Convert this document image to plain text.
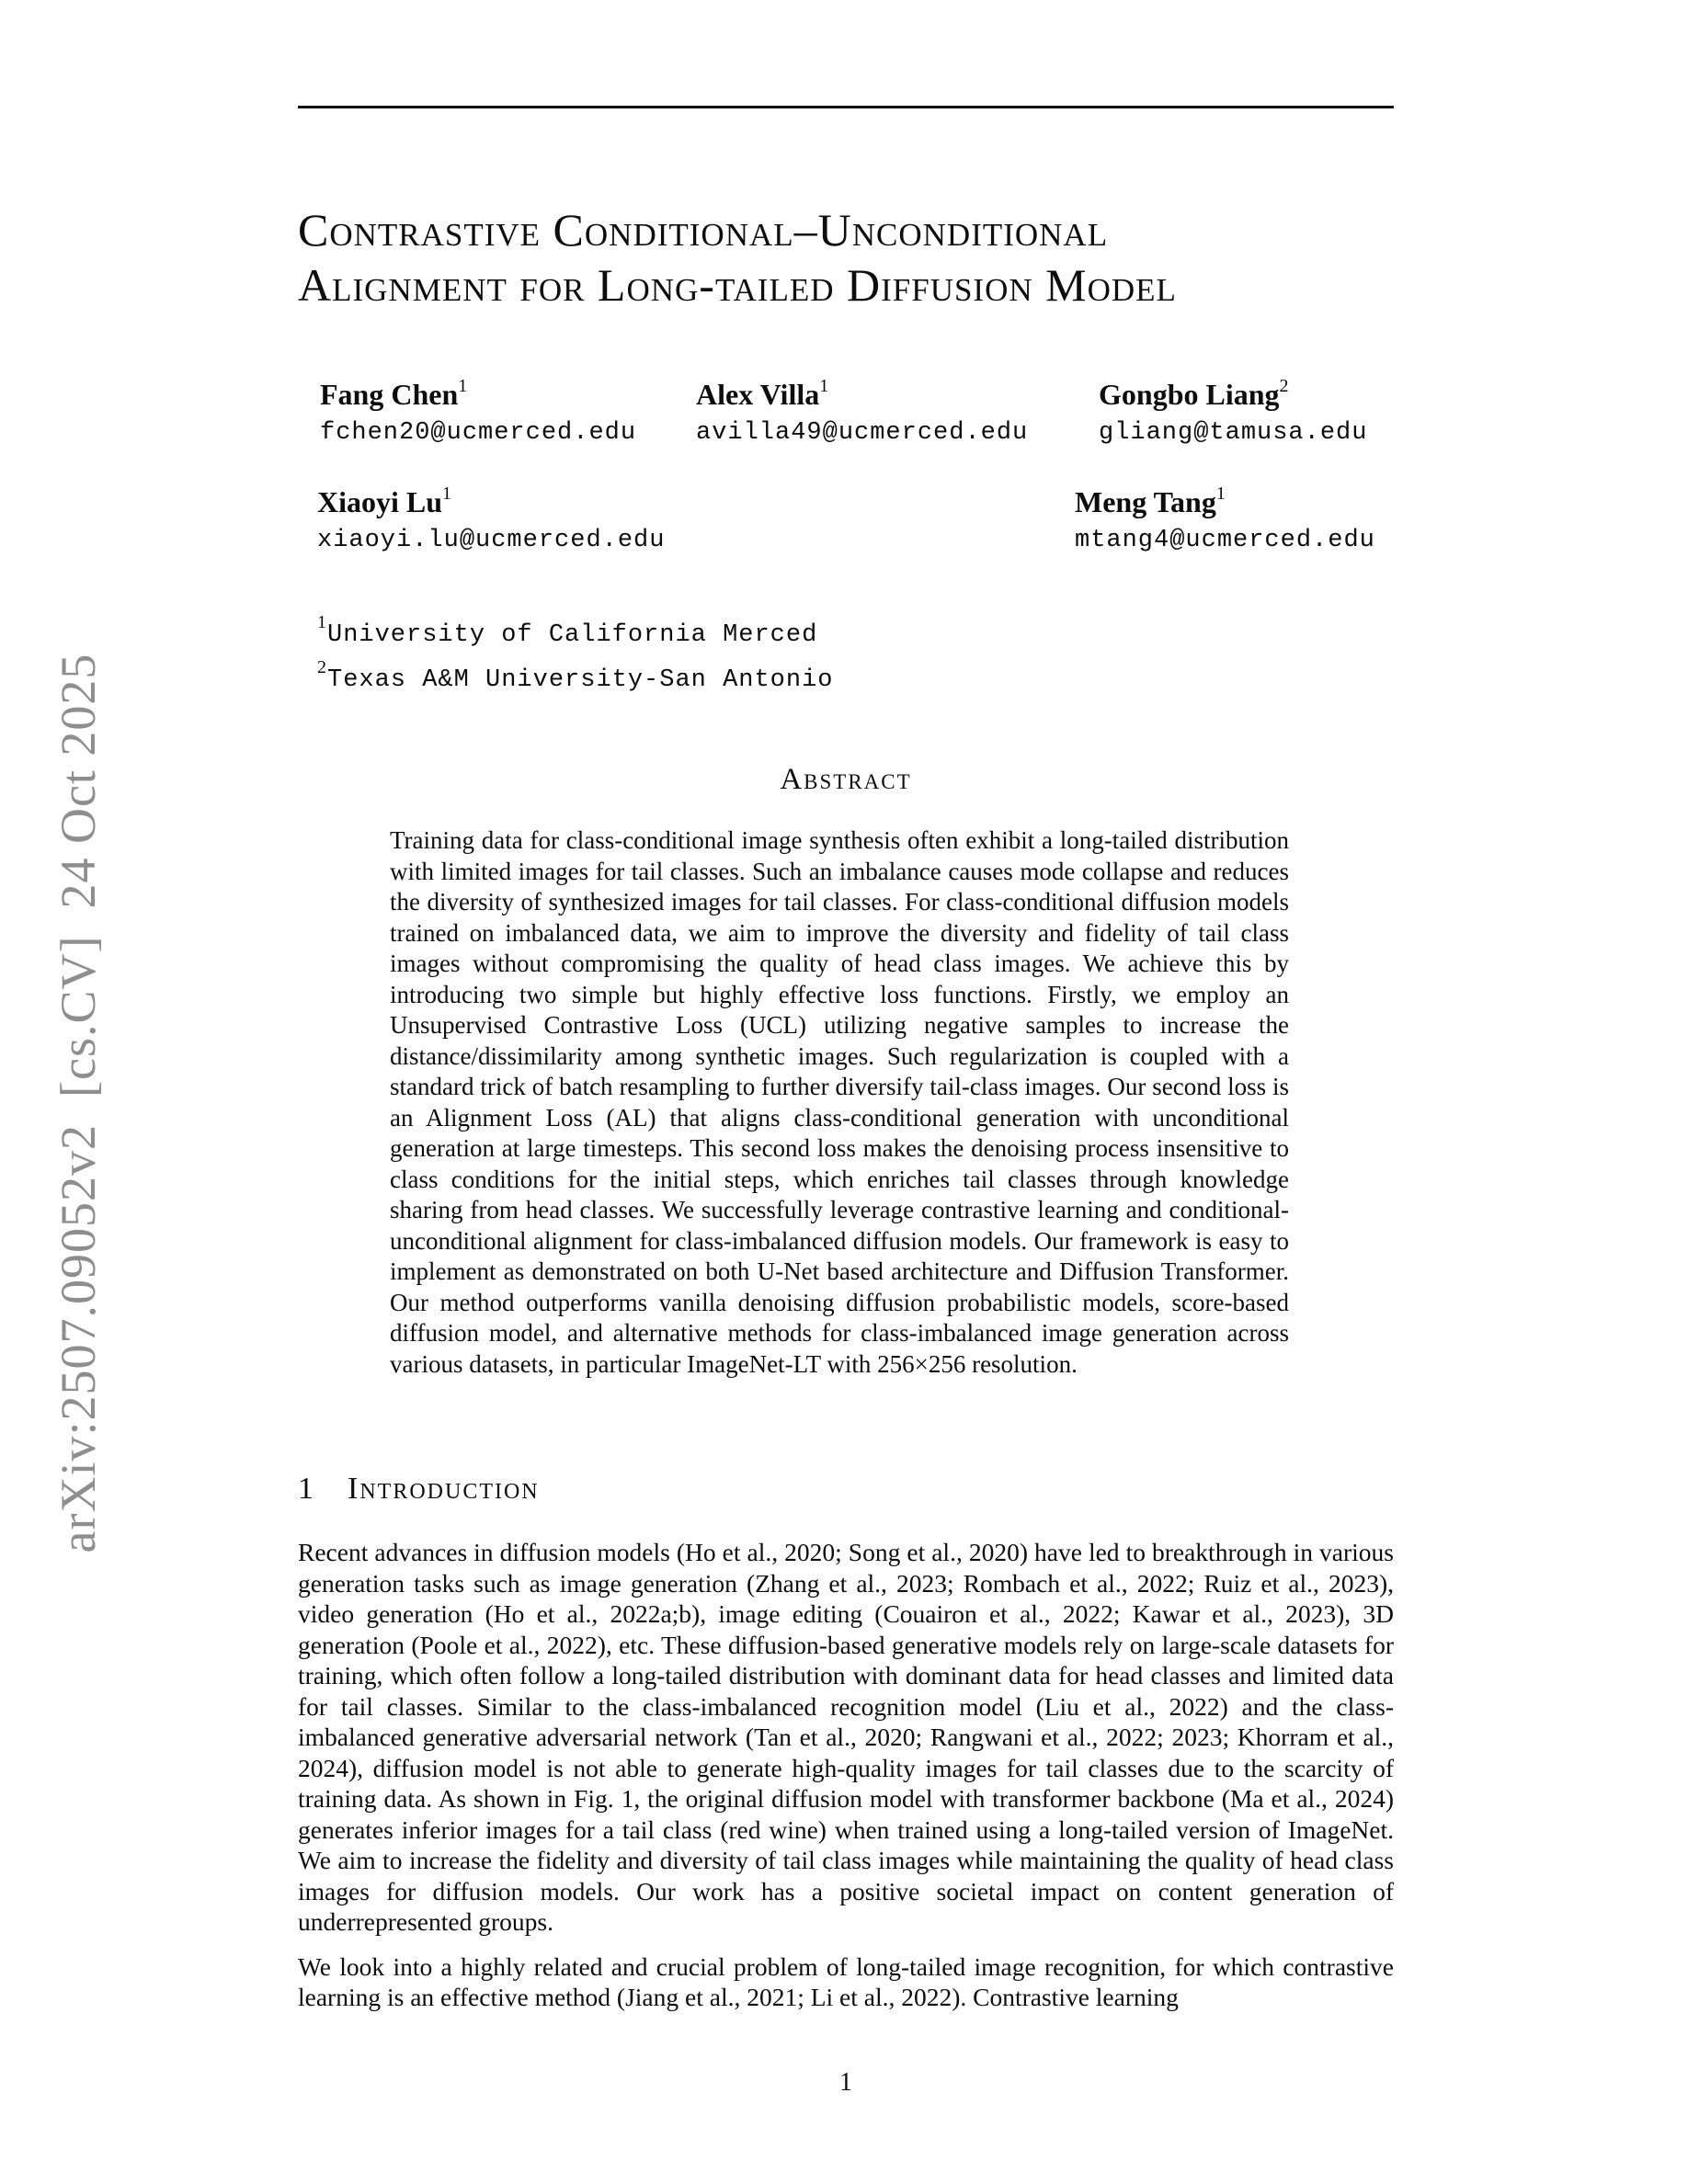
arXiv:2507.09052v2  [cs.CV]  24 Oct 2025
Contrastive Conditional–Unconditional
Alignment for Long-tailed Diffusion Model
Fang Chen$^1$
fchen20@ucmerced.edu
Alex Villa$^1$
avilla49@ucmerced.edu
Gongbo Liang$^2$
gliang@tamusa.edu
Xiaoyi Lu$^1$
xiaoyi.lu@ucmerced.edu
Meng Tang$^1$
mtang4@ucmerced.edu
$^1$University of California Merced
$^2$Texas A&M University-San Antonio
Abstract
Training data for class-conditional image synthesis often exhibit a long-tailed distribution with limited images for tail classes. Such an imbalance causes mode collapse and reduces the diversity of synthesized images for tail classes. For class-conditional diffusion models trained on imbalanced data, we aim to improve the diversity and fidelity of tail class images without compromising the quality of head class images. We achieve this by introducing two simple but highly effective loss functions. Firstly, we employ an Unsupervised Contrastive Loss (UCL) utilizing negative samples to increase the distance/dissimilarity among synthetic images. Such regularization is coupled with a standard trick of batch resampling to further diversify tail-class images. Our second loss is an Alignment Loss (AL) that aligns class-conditional generation with unconditional generation at large timesteps. This second loss makes the denoising process insensitive to class conditions for the initial steps, which enriches tail classes through knowledge sharing from head classes. We successfully leverage contrastive learning and conditional-unconditional alignment for class-imbalanced diffusion models. Our framework is easy to implement as demonstrated on both U-Net based architecture and Diffusion Transformer. Our method outperforms vanilla denoising diffusion probabilistic models, score-based diffusion model, and alternative methods for class-imbalanced image generation across various datasets, in particular ImageNet-LT with 256×256 resolution.
1 Introduction

Recent advances in diffusion models (Ho et al., 2020; Song et al., 2020) have led to breakthrough in various generation tasks such as image generation (Zhang et al., 2023; Rombach et al., 2022; Ruiz et al., 2023), video generation (Ho et al., 2022a;b), image editing (Couairon et al., 2022; Kawar et al., 2023), 3D generation (Poole et al., 2022), etc. These diffusion-based generative models rely on large-scale datasets for training, which often follow a long-tailed distribution with dominant data for head classes and limited data for tail classes. Similar to the class-imbalanced recognition model (Liu et al., 2022) and the class-imbalanced generative adversarial network (Tan et al., 2020; Rangwani et al., 2022; 2023; Khorram et al., 2024), diffusion model is not able to generate high-quality images for tail classes due to the scarcity of training data. As shown in Fig. 1, the original diffusion model with transformer backbone (Ma et al., 2024) generates inferior images for a tail class (red wine) when trained using a long-tailed version of ImageNet. We aim to increase the fidelity and diversity of tail class images while maintaining the quality of head class images for diffusion models. Our work has a positive societal impact on content generation of underrepresented groups.

We look into a highly related and crucial problem of long-tailed image recognition, for which contrastive learning is an effective method (Jiang et al., 2021; Li et al., 2022). Contrastive learning

1
